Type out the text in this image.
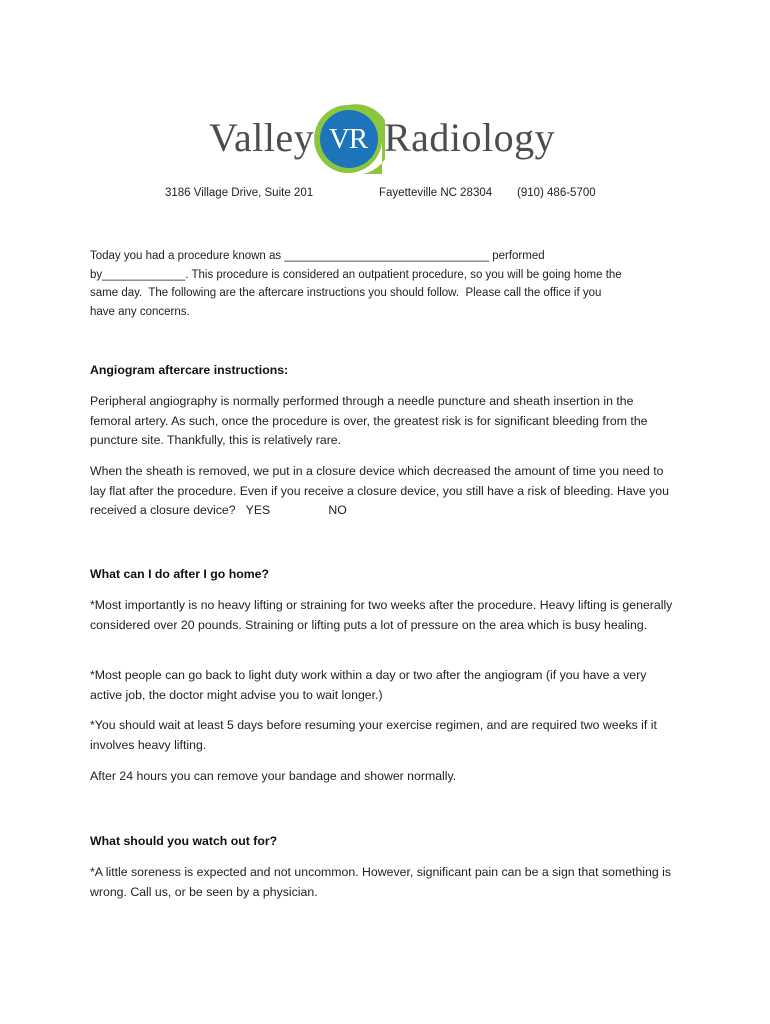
Valley VR Radiology
3186 Village Drive, Suite 201	Fayetteville NC 28304 (910) 486-5700
Today you had a procedure known as ________________________________ performed
by_____________. This procedure is considered an outpatient procedure, so you will be going home the
same day.  The following are the aftercare instructions you should follow.  Please call the office if you
have any concerns.

Angiogram aftercare instructions:

Peripheral angiography is normally performed through a needle puncture and sheath insertion in the femoral artery. As such, once the procedure is over, the greatest risk is for significant bleeding from the puncture site. Thankfully, this is relatively rare.

When the sheath is removed, we put in a closure device which decreased the amount of time you need to lay flat after the procedure. Even if you receive a closure device, you still have a risk of bleeding. Have you received a closure device? YES	NO

What can I do after I go home?

*Most importantly is no heavy lifting or straining for two weeks after the procedure. Heavy lifting is generally considered over 20 pounds. Straining or lifting puts a lot of pressure on the area which is busy healing.

*Most people can go back to light duty work within a day or two after the angiogram (if you have a very active job, the doctor might advise you to wait longer.)

*You should wait at least 5 days before resuming your exercise regimen, and are required two weeks if it involves heavy lifting.

After 24 hours you can remove your bandage and shower normally.

What should you watch out for?

*A little soreness is expected and not uncommon. However, significant pain can be a sign that something is wrong. Call us, or be seen by a physician.
